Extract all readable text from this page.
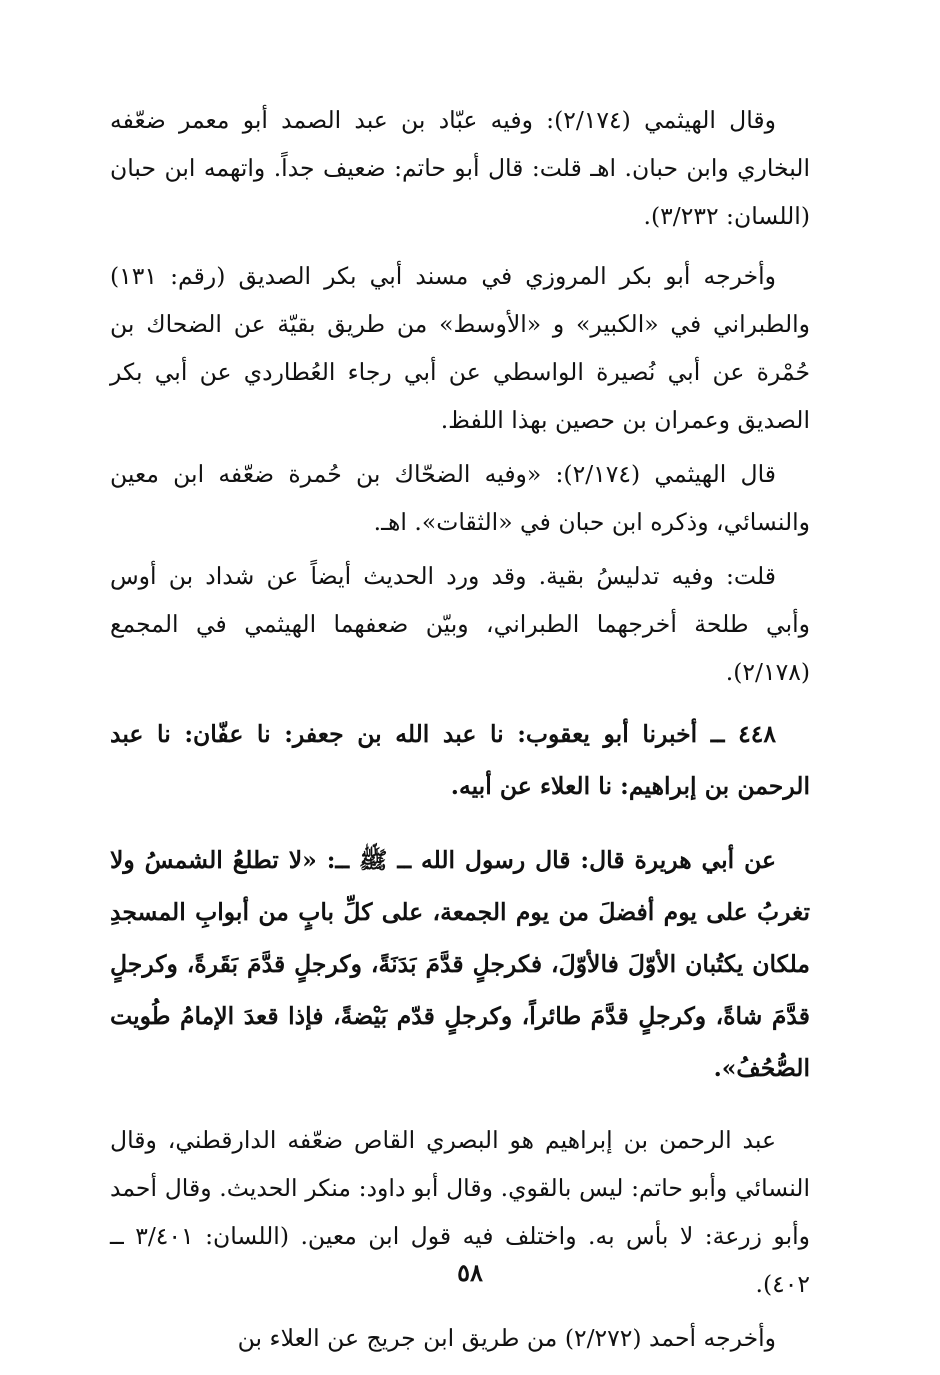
وقال الهيثمي (٢/١٧٤): وفيه عبّاد بن عبد الصمد أبو معمر ضعّفه البخاري وابن حبان. اهـ قلت: قال أبو حاتم: ضعيف جداً. واتهمه ابن حبان (اللسان: ٣/٢٣٢).

وأخرجه أبو بكر المروزي في مسند أبي بكر الصديق (رقم: ١٣١) والطبراني في «الكبير» و «الأوسط» من طريق بقيّة عن الضحاك بن حُمْرة عن أبي نُصيرة الواسطي عن أبي رجاء العُطاردي عن أبي بكر الصديق وعمران بن حصين بهذا اللفظ.

قال الهيثمي (٢/١٧٤): «وفيه الضحّاك بن حُمرة ضعّفه ابن معين والنسائي، وذكره ابن حبان في «الثقات». اهـ.

قلت: وفيه تدليسُ بقية. وقد ورد الحديث أيضاً عن شداد بن أوس وأبي طلحة أخرجهما الطبراني، وبيّن ضعفهما الهيثمي في المجمع (٢/١٧٨).

٤٤٨ ــ أخبرنا أبو يعقوب: نا عبد الله بن جعفر: نا عفّان: نا عبد الرحمن بن إبراهيم: نا العلاء عن أبيه.

عن أبي هريرة قال: قال رسول الله ــ ﷺ ــ: «لا تطلعُ الشمسُ ولا تغربُ على يوم أفضلَ من يوم الجمعة، على كلِّ بابٍ من أبوابِ المسجدِ ملكان يكتُبان الأوّلَ فالأوّلَ، فكرجلٍ قدَّمَ بَدَنَةً، وكرجلٍ قدَّمَ بَقَرةً، وكرجلٍ قدَّمَ شاةً، وكرجلٍ قدَّمَ طائراً، وكرجلٍ قدّم بَيْضةً، فإذا قعدَ الإمامُ طُويت الصُّحُفُ».

عبد الرحمن بن إبراهيم هو البصري القاص ضعّفه الدارقطني، وقال النسائي وأبو حاتم: ليس بالقوي. وقال أبو داود: منكر الحديث. وقال أحمد وأبو زرعة: لا بأس به. واختلف فيه قول ابن معين. (اللسان: ٣/٤٠١ ــ ٤٠٢).

وأخرجه أحمد (٢/٢٧٢) من طريق ابن جريج عن العلاء بن

٥٨
